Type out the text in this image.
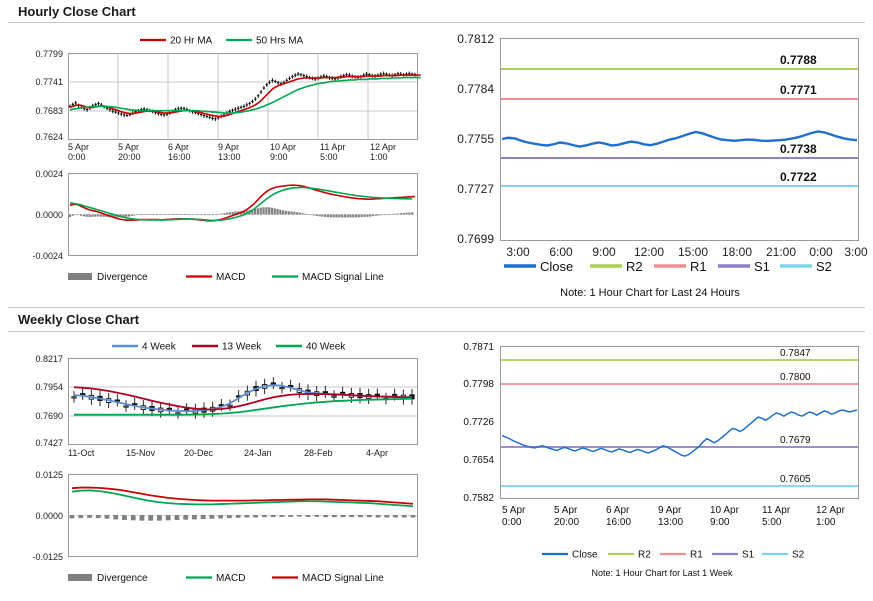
Hourly Close Chart
20 Hr MA	50 Hrs MA
0.7624
0.7683
0.7741
0.7799
5 Apr
0:00
5 Apr
20:00
6 Apr
16:00
9 Apr
13:00
10 Apr
9:00
11 Apr
5:00
12 Apr
1:00
0.0024
0.0000
-0.0024
Divergence	MACD	MACD Signal Line
0.7812
0.7784
0.7755
0.7727
0.7699
0.7788
0.7771
0.7738
0.7722
3:00 6:00 9:00 12:00 15:00 18:00 21:00 0:00 3:00
Close	R2	R1	S1	S2
Note: 1 Hour Chart for Last 24 Hours
Weekly Close Chart
4 Week	13 Week	40 Week
0.8217
0.7954
0.7690
0.7427
11-Oct	15-Nov	20-Dec	24-Jan	28-Feb	4-Apr
0.0125
0.0000
-0.0125
Divergence	MACD	MACD Signal Line
0.7871
0.7798
0.7726
0.7654
0.7582
0.7847
0.7800
0.7679
0.7605
5 Apr
0:00
5 Apr
20:00
6 Apr
16:00
9 Apr
13:00
10 Apr
9:00
11 Apr
5:00
12 Apr
1:00
Close	R2	R1	S1	S2
Note: 1 Hour Chart for Last 1 Week
